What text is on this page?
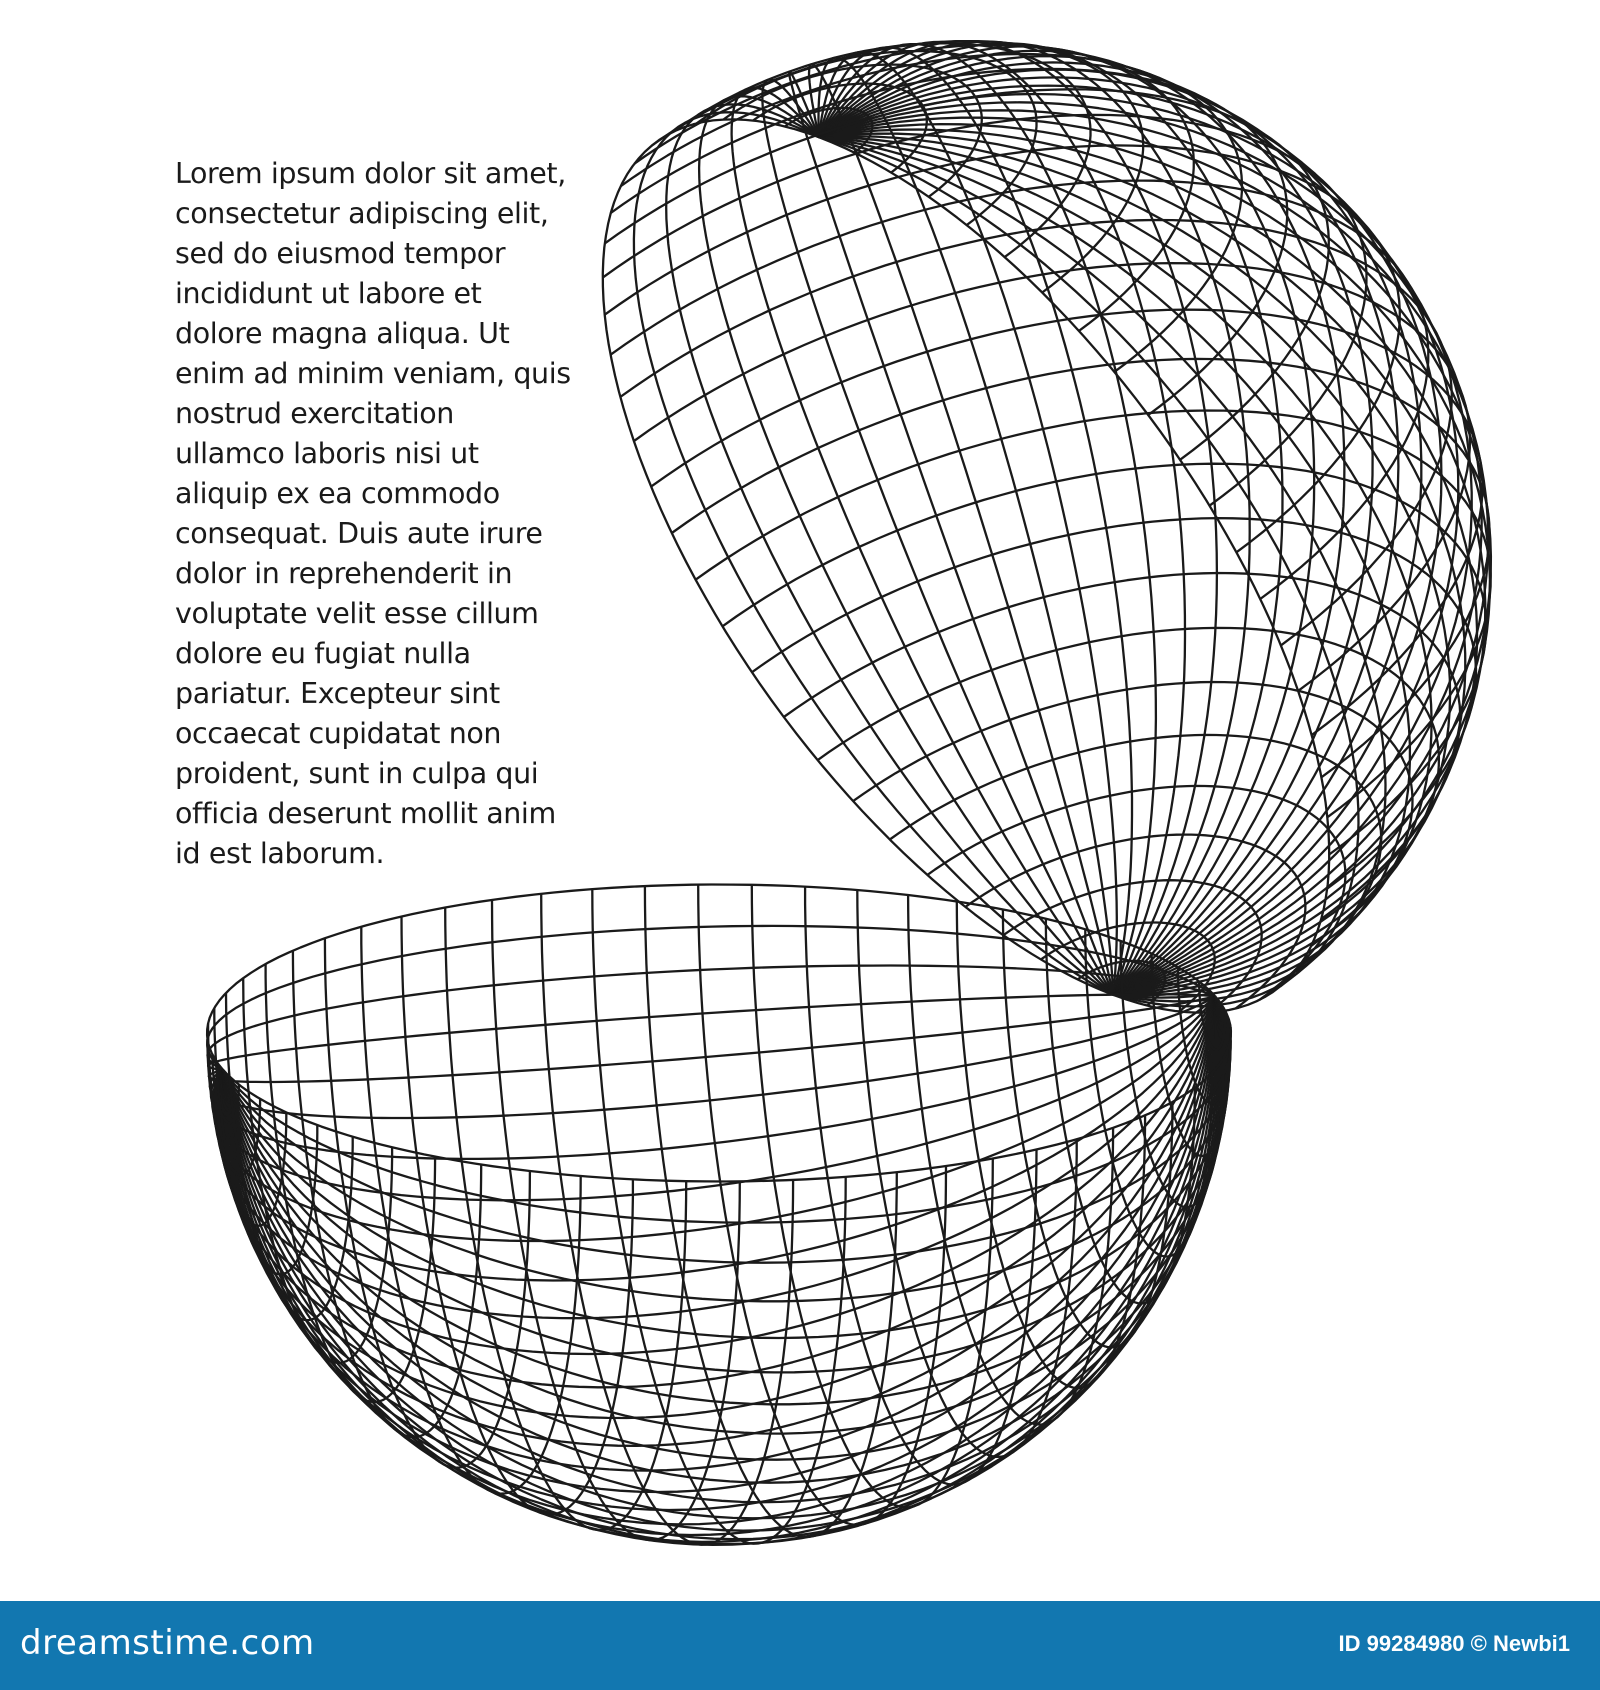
Lorem ipsum dolor sit amet,
consectetur adipiscing elit,
sed do eiusmod tempor
incididunt ut labore et
dolore magna aliqua. Ut
enim ad minim veniam, quis
nostrud exercitation
ullamco laboris nisi ut
aliquip ex ea commodo
consequat. Duis aute irure
dolor in reprehenderit in
voluptate velit esse cillum
dolore eu fugiat nulla
pariatur. Excepteur sint
occaecat cupidatat non
proident, sunt in culpa qui
officia deserunt mollit anim
id est laborum.
dreamstime.com	ID 99284980 © Newbi1
